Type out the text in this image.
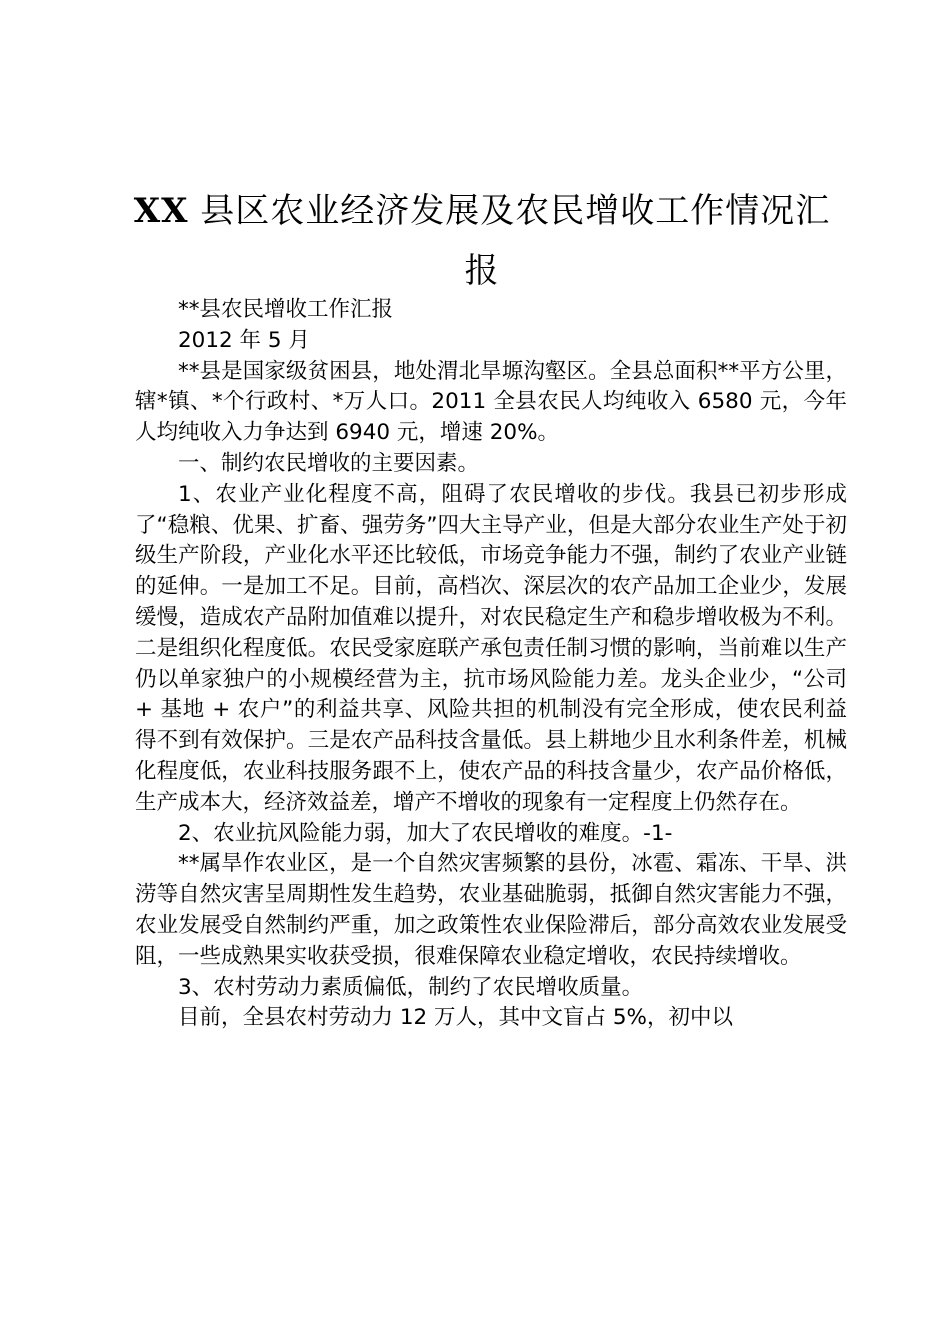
XX 县区农业经济发展及农民增收工作情况汇报

**县农民增收工作汇报

2012 年 5 月

**县是国家级贫困县，地处渭北旱塬沟壑区。全县总面积**平方公里，辖*镇、*个行政村、*万人口。2011 全县农民人均纯收入 6580 元，今年人均纯收入力争达到 6940 元，增速 20%。

一、制约农民增收的主要因素。

1、农业产业化程度不高，阻碍了农民增收的步伐。我县已初步形成了“稳粮、优果、扩畜、强劳务”四大主导产业，但是大部分农业生产处于初级生产阶段，产业化水平还比较低，市场竞争能力不强，制约了农业产业链的延伸。一是加工不足。目前，高档次、深层次的农产品加工企业少，发展缓慢，造成农产品附加值难以提升，对农民稳定生产和稳步增收极为不利。二是组织化程度低。农民受家庭联产承包责任制习惯的影响，当前难以生产仍以单家独户的小规模经营为主，抗市场风险能力差。龙头企业少，“公司 + 基地 + 农户”的利益共享、风险共担的机制没有完全形成，使农民利益得不到有效保护。三是农产品科技含量低。县上耕地少且水利条件差，机械化程度低，农业科技服务跟不上，使农产品的科技含量少，农产品价格低，生产成本大，经济效益差，增产不增收的现象有一定程度上仍然存在。

2、农业抗风险能力弱，加大了农民增收的难度。-1-

**属旱作农业区，是一个自然灾害频繁的县份，冰雹、霜冻、干旱、洪涝等自然灾害呈周期性发生趋势，农业基础脆弱，抵御自然灾害能力不强，农业发展受自然制约严重，加之政策性农业保险滞后，部分高效农业发展受阻，一些成熟果实收获受损，很难保障农业稳定增收，农民持续增收。

3、农村劳动力素质偏低，制约了农民增收质量。

目前，全县农村劳动力 12 万人，其中文盲占 5%，初中以
